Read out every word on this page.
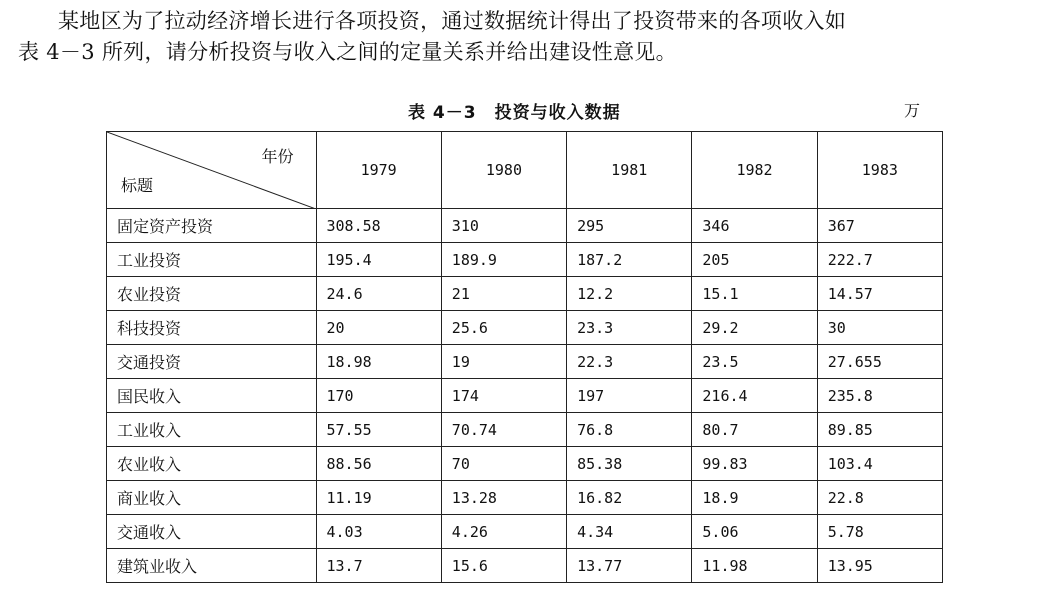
某地区为了拉动经济增长进行各项投资，通过数据统计得出了投资带来的各项收入如
表 4－3 所列，请分析投资与收入之间的定量关系并给出建设性意见。

表 4－3　投资与收入数据	万
年份
标题	1979	1980	1981	1982	1983
固定资产投资	308.58	310	295	346	367
工业投资	195.4	189.9	187.2	205	222.7
农业投资	24.6	21	12.2	15.1	14.57
科技投资	20	25.6	23.3	29.2	30
交通投资	18.98	19	22.3	23.5	27.655
国民收入	170	174	197	216.4	235.8
工业收入	57.55	70.74	76.8	80.7	89.85
农业收入	88.56	70	85.38	99.83	103.4
商业收入	11.19	13.28	16.82	18.9	22.8
交通收入	4.03	4.26	4.34	5.06	5.78
建筑业收入	13.7	15.6	13.77	11.98	13.95
